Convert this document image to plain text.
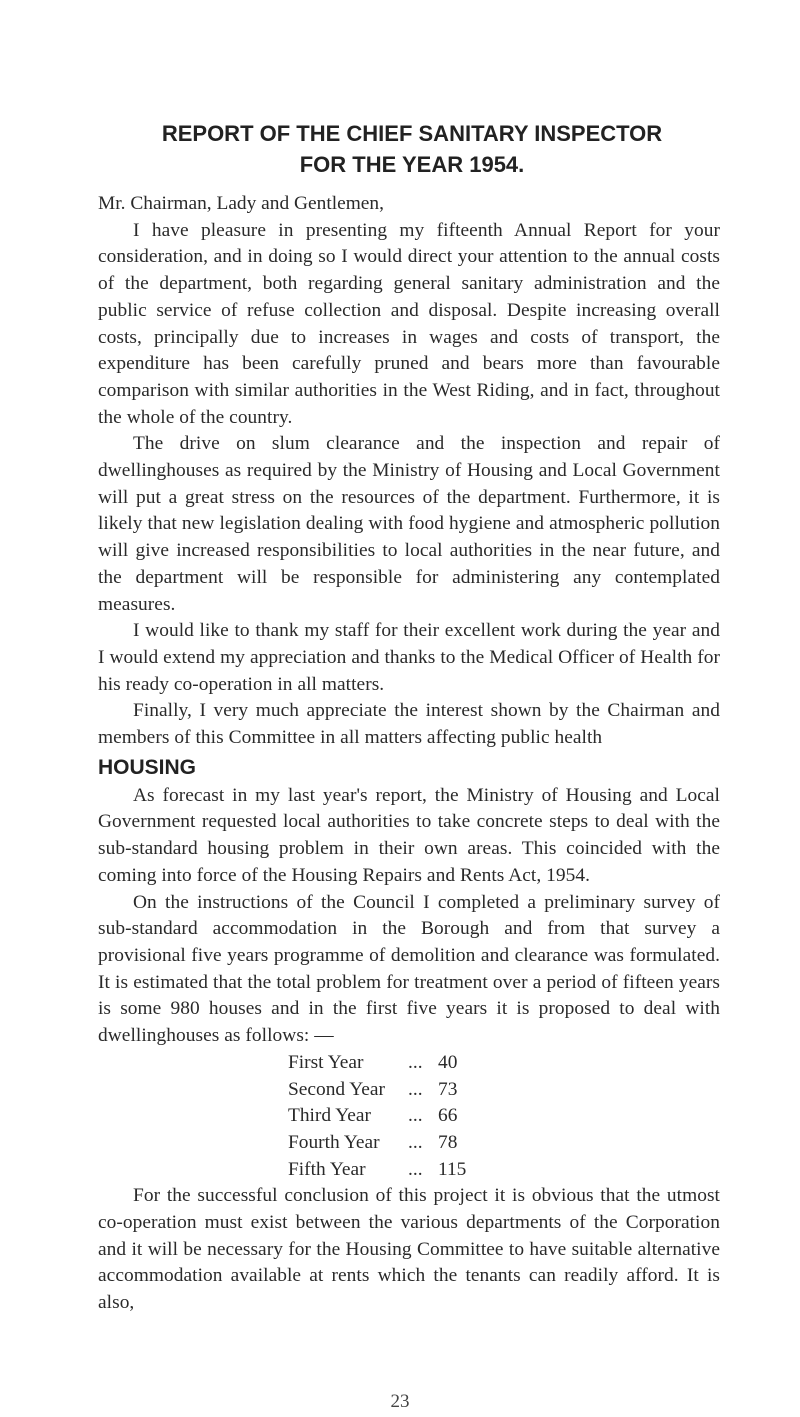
REPORT OF THE CHIEF SANITARY INSPECTOR
FOR THE YEAR 1954.
Mr. Chairman, Lady and Gentlemen,

I have pleasure in presenting my fifteenth Annual Report for your consideration, and in doing so I would direct your attention to the annual costs of the department, both regarding general sanitary administration and the public service of refuse collection and disposal. Despite increasing overall costs, principally due to increases in wages and costs of transport, the expenditure has been carefully pruned and bears more than favourable comparison with similar authorities in the West Riding, and in fact, throughout the whole of the country.

The drive on slum clearance and the inspection and repair of dwellinghouses as required by the Ministry of Housing and Local Government will put a great stress on the resources of the department. Furthermore, it is likely that new legislation dealing with food hygiene and atmospheric pollution will give increased responsibilities to local authorities in the near future, and the department will be responsible for administering any contemplated measures.

I would like to thank my staff for their excellent work during the year and I would extend my appreciation and thanks to the Medical Officer of Health for his ready co-operation in all matters.

Finally, I very much appreciate the interest shown by the Chairman and members of this Committee in all matters affecting public health

HOUSING

As forecast in my last year's report, the Ministry of Housing and Local Government requested local authorities to take concrete steps to deal with the sub-standard housing problem in their own areas. This coincided with the coming into force of the Housing Repairs and Rents Act, 1954.

On the instructions of the Council I completed a preliminary survey of sub-standard accommodation in the Borough and from that survey a provisional five years programme of demolition and clearance was formulated. It is estimated that the total problem for treatment over a period of fifteen years is some 980 houses and in the first five years it is proposed to deal with dwellinghouses as follows: —

First Year	... 40
Second Year	... 73
Third Year	... 66
Fourth Year	... 78
Fifth Year	... 115

For the successful conclusion of this project it is obvious that the utmost co-operation must exist between the various departments of the Corporation and it will be necessary for the Housing Committee to have suitable alternative accommodation available at rents which the tenants can readily afford. It is also,

23
